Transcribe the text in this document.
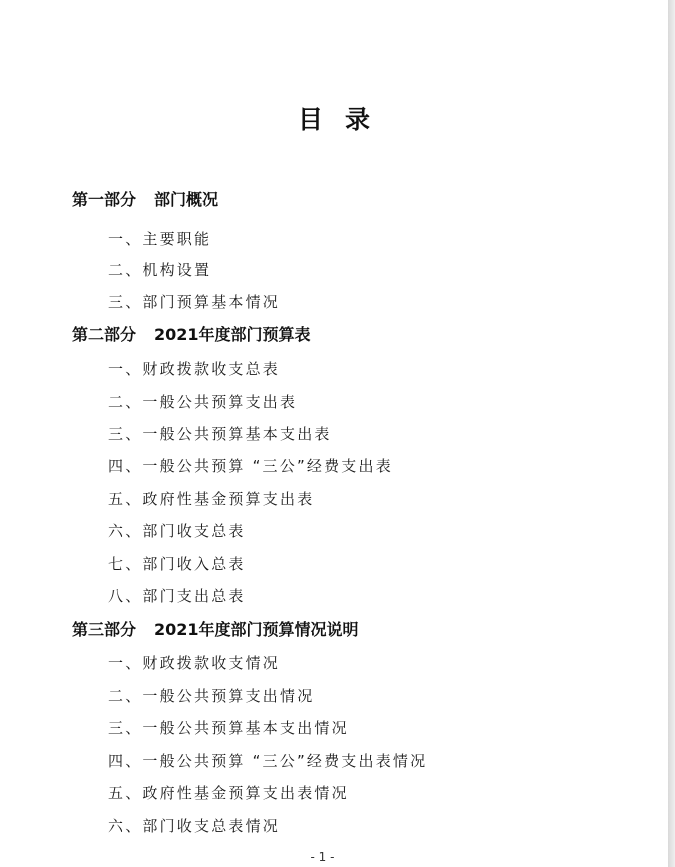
目录
第一部分 部门概况
一、主要职能
二、机构设置
三、部门预算基本情况
第二部分 2021年度部门预算表
一、财政拨款收支总表
二、一般公共预算支出表
三、一般公共预算基本支出表
四、一般公共预算 “三公”经费支出表
五、政府性基金预算支出表
六、部门收支总表
七、部门收入总表
八、部门支出总表
第三部分 2021年度部门预算情况说明
一、财政拨款收支情况
二、一般公共预算支出情况
三、一般公共预算基本支出情况
四、一般公共预算 “三公”经费支出表情况
五、政府性基金预算支出表情况
六、部门收支总表情况
- 1 -
